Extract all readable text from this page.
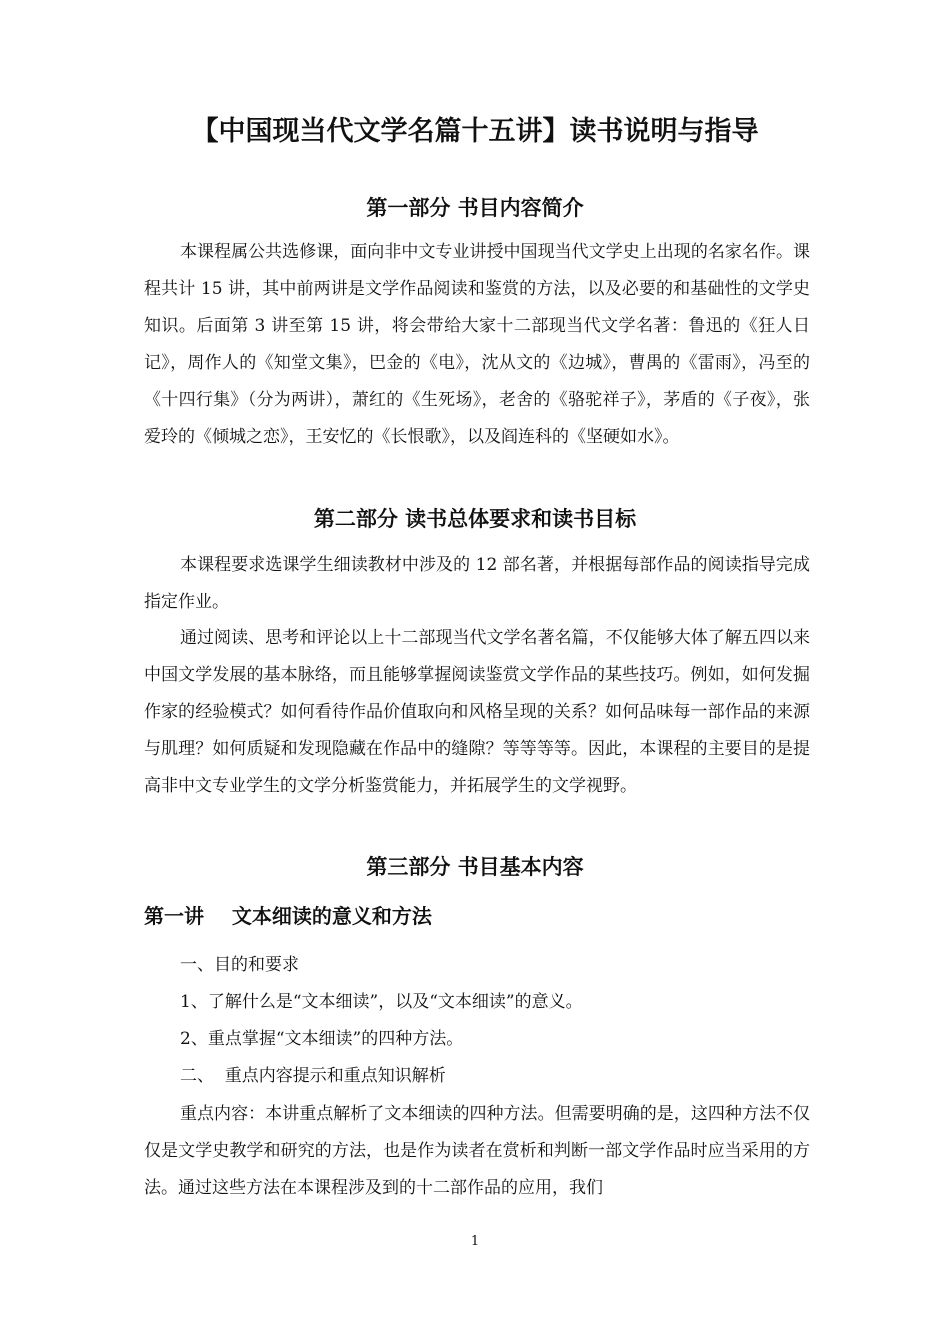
【中国现当代文学名篇十五讲】读书说明与指导
第一部分 书目内容简介

本课程属公共选修课，面向非中文专业讲授中国现当代文学史上出现的名家名作。课程共计 15 讲，其中前两讲是文学作品阅读和鉴赏的方法，以及必要的和基础性的文学史知识。后面第 3 讲至第 15 讲，将会带给大家十二部现当代文学名著：鲁迅的《狂人日记》，周作人的《知堂文集》，巴金的《电》，沈从文的《边城》，曹禺的《雷雨》，冯至的《十四行集》（分为两讲），萧红的《生死场》，老舍的《骆驼祥子》，茅盾的《子夜》，张爱玲的《倾城之恋》，王安忆的《长恨歌》，以及阎连科的《坚硬如水》。

第二部分 读书总体要求和读书目标

本课程要求选课学生细读教材中涉及的 12 部名著，并根据每部作品的阅读指导完成指定作业。

通过阅读、思考和评论以上十二部现当代文学名著名篇，不仅能够大体了解五四以来中国文学发展的基本脉络，而且能够掌握阅读鉴赏文学作品的某些技巧。例如，如何发掘作家的经验模式？如何看待作品价值取向和风格呈现的关系？如何品味每一部作品的来源与肌理？如何质疑和发现隐藏在作品中的缝隙？等等等等。因此，本课程的主要目的是提高非中文专业学生的文学分析鉴赏能力，并拓展学生的文学视野。

第三部分 书目基本内容
第一讲    文本细读的意义和方法

一、目的和要求

1、了解什么是“文本细读”，以及“文本细读”的意义。

2、重点掌握“文本细读”的四种方法。

二、  重点内容提示和重点知识解析

重点内容：本讲重点解析了文本细读的四种方法。但需要明确的是，这四种方法不仅仅是文学史教学和研究的方法，也是作为读者在赏析和判断一部文学作品时应当采用的方法。通过这些方法在本课程涉及到的十二部作品的应用，我们

1
